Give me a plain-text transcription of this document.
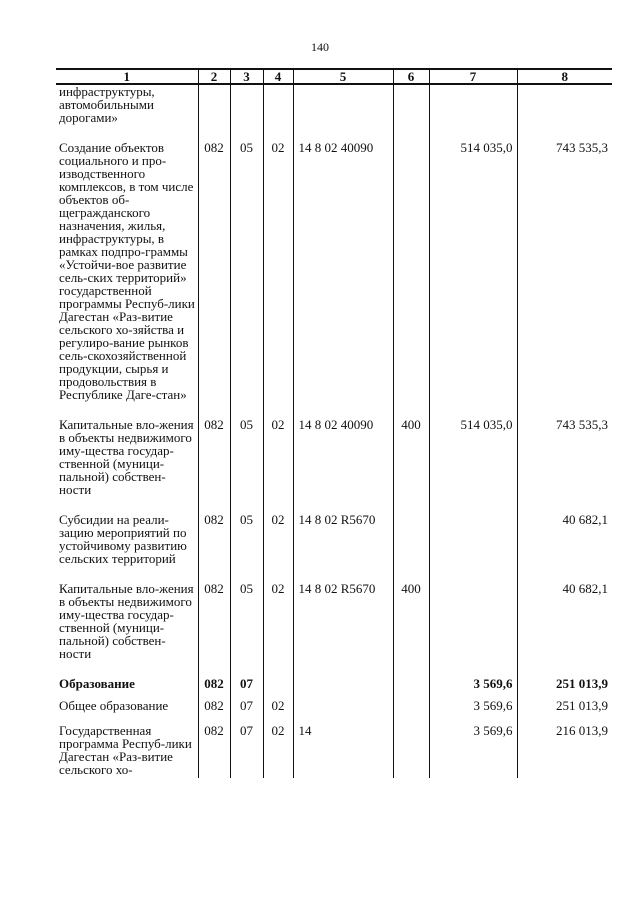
140
1	2	3	4	5	6	7	8
инфраструктуры, автомобильными дорогами»							
Создание объектов социального и про-изводственного комплексов, в том числе объектов об-щегражданского назначения, жилья, инфраструктуры, в рамках подпро-граммы «Устойчи-вое развитие сель-ских территорий» государственной программы Респуб-лики Дагестан «Раз-витие сельского хо-зяйства и регулиро-вание рынков сель-скохозяйственной продукции, сырья и продовольствия в Республике Даге-стан»	082	05	02	14 8 02 40090		514 035,0	743 535,3
Капитальные вло-жения в объекты недвижимого иму-щества государ-ственной (муници-пальной) собствен-ности	082	05	02	14 8 02 40090	400	514 035,0	743 535,3
Субсидии на реали-зацию мероприятий по устойчивому развитию сельских территорий	082	05	02	14 8 02 R5670			40 682,1
Капитальные вло-жения в объекты недвижимого иму-щества государ-ственной (муници-пальной) собствен-ности	082	05	02	14 8 02 R5670	400		40 682,1
Образование	082	07				3 569,6	251 013,9
Общее образование	082	07	02			3 569,6	251 013,9
Государственная программа Респуб-лики Дагестан «Раз-витие сельского хо-	082	07	02	14		3 569,6	216 013,9
